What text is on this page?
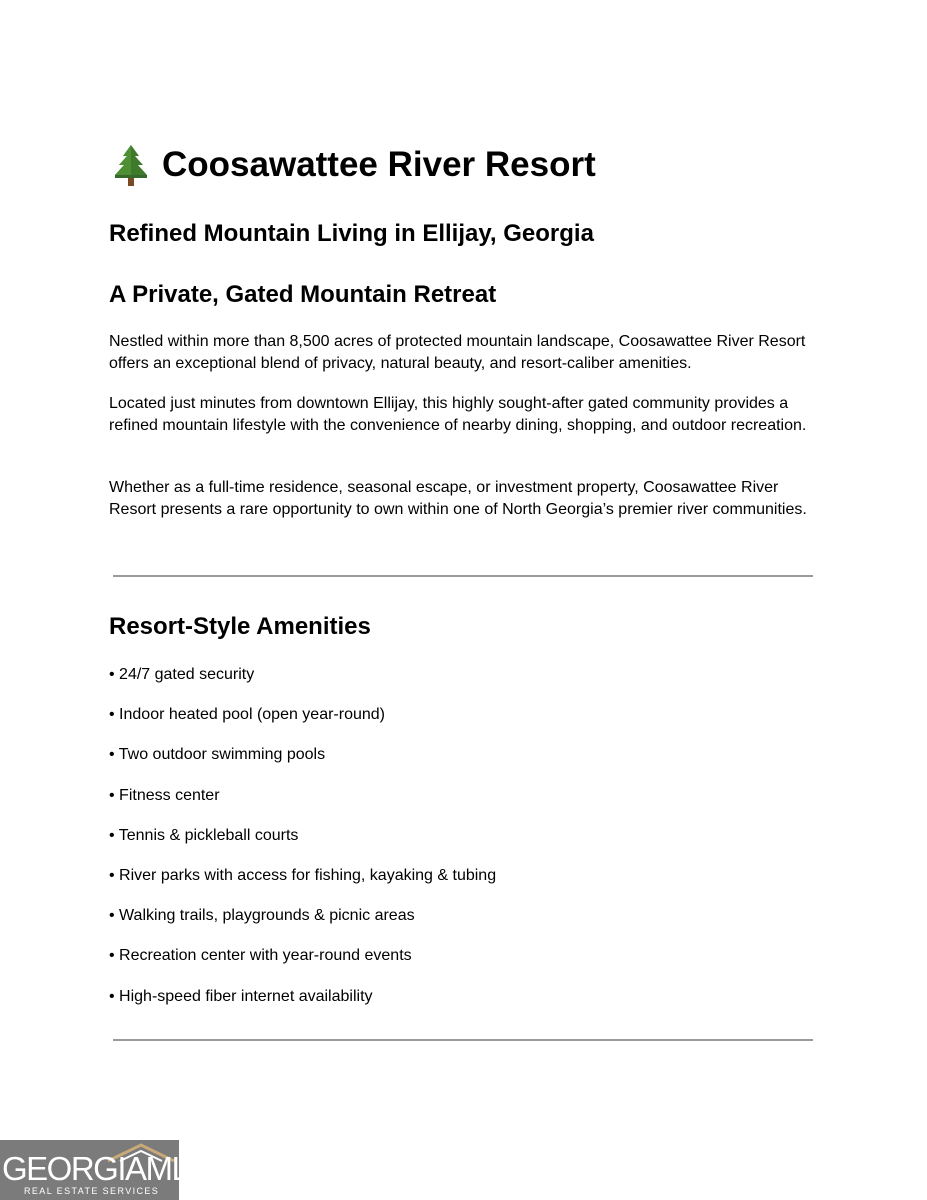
Coosawattee River Resort
Refined Mountain Living in Ellijay, Georgia
A Private, Gated Mountain Retreat

Nestled within more than 8,500 acres of protected mountain landscape, Coosawattee River Resort offers an exceptional blend of privacy, natural beauty, and resort-caliber amenities.

Located just minutes from downtown Ellijay, this highly sought-after gated community provides a refined mountain lifestyle with the convenience of nearby dining, shopping, and outdoor recreation.

Whether as a full-time residence, seasonal escape, or investment property, Coosawattee River Resort presents a rare opportunity to own within one of North Georgia’s premier river communities.

Resort-Style Amenities

• 24/7 gated security

• Indoor heated pool (open year-round)

• Two outdoor swimming pools

• Fitness center

• Tennis & pickleball courts

• River parks with access for fishing, kayaking & tubing

• Walking trails, playgrounds & picnic areas

• Recreation center with year-round events

• High-speed fiber internet availability

GEORGIAMLS
REAL ESTATE SERVICES
